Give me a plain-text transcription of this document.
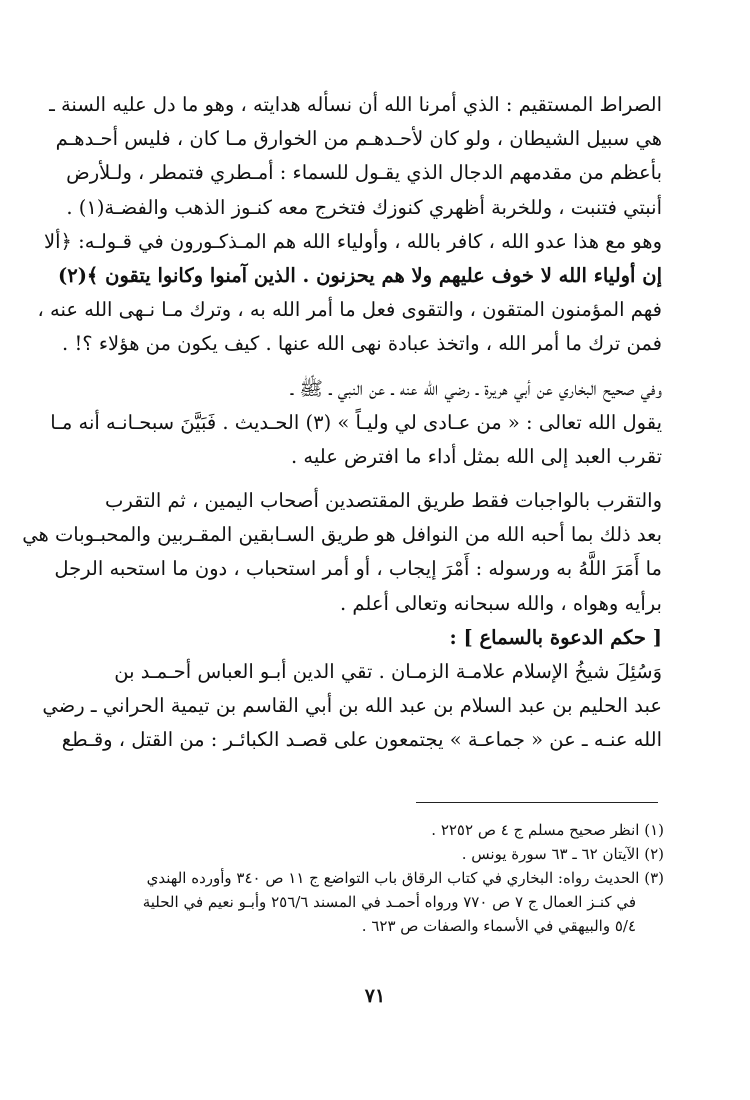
الصراط المستقيم : الذي أمرنا الله أن نسأله هدايته ، وهو ما دل عليه السنة ـ
هي سبيل الشيطان ، ولو كان لأحـدهـم من الخوارق مـا كان ، فليس أحـدهـم
بأعظم من مقدمهم الدجال الذي يقـول للسماء : أمـطري فتمطر ، ولـلأرض
أنبتي فتنبت ، وللخربة أظهري كنوزك فتخرج معه كنـوز الذهب والفضـة(١) .
وهو مع هذا عدو الله ، كافر بالله ، وأولياء الله هم المـذكـورون في قـولـه: ﴿ألا
إن أولياء الله لا خوف عليهم ولا هم يحزنون . الذين آمنوا وكانوا يتقون ﴾(٢)
فهم المؤمنون المتقون ، والتقوى فعل ما أمر الله به ، وترك مـا نـهى الله عنه ،
فمن ترك ما أمر الله ، واتخذ عبادة نهى الله عنها . كيف يكون من هؤلاء ؟! .
وفي صحيح البخاري عن أبي هريرة ـ رضي الله عنه ـ عن النبي ـ ﷺ ـ
يقول الله تعالى : « من عـادى لي وليـاً » (٣) الحـديث . فَبَيَّنَ سبحـانـه أنه مـا
تقرب العبد إلى الله بمثل أداء ما افترض عليه .
والتقرب بالواجبات فقط طريق المقتصدين أصحاب اليمين ، ثم التقرب
بعد ذلك بما أحبه الله من النوافل هو طريق السـابقين المقـربين والمحبـوبات هي
ما أَمَرَ اللَّهُ به ورسوله : أَمْرَ إيجاب ، أو أمر استحباب ، دون ما استحبه الرجل
برأيه وهواه ، والله سبحانه وتعالى أعلم .
[ حكم الدعوة بالسماع ] :
وَسُئِلَ شيخُ الإسلام علامـة الزمـان . تقي الدين أبـو العباس أحـمـد بن
عبد الحليم بن عبد السلام بن عبد الله بن أبي القاسم بن تيمية الحراني ـ رضي
الله عنـه ـ عن « جماعـة » يجتمعون على قصـد الكبائـر : من القتل ، وقـطع
(١) انظر صحيح مسلم ج ٤ ص ٢٢٥٢ .
(٢) الآيتان ٦٢ ـ ٦٣ سورة يونس .
(٣) الحديث رواه: البخاري في كتاب الرقاق باب التواضع ج ١١ ص ٣٤٠ وأورده الهندي
في كنـز العمال ج ٧ ص ٧٧٠ ورواه أحمـد في المسند ٢٥٦/٦ وأبـو نعيم في الحلية
٥/٤ والبيهقي في الأسماء والصفات ص ٦٢٣ .
٧١
